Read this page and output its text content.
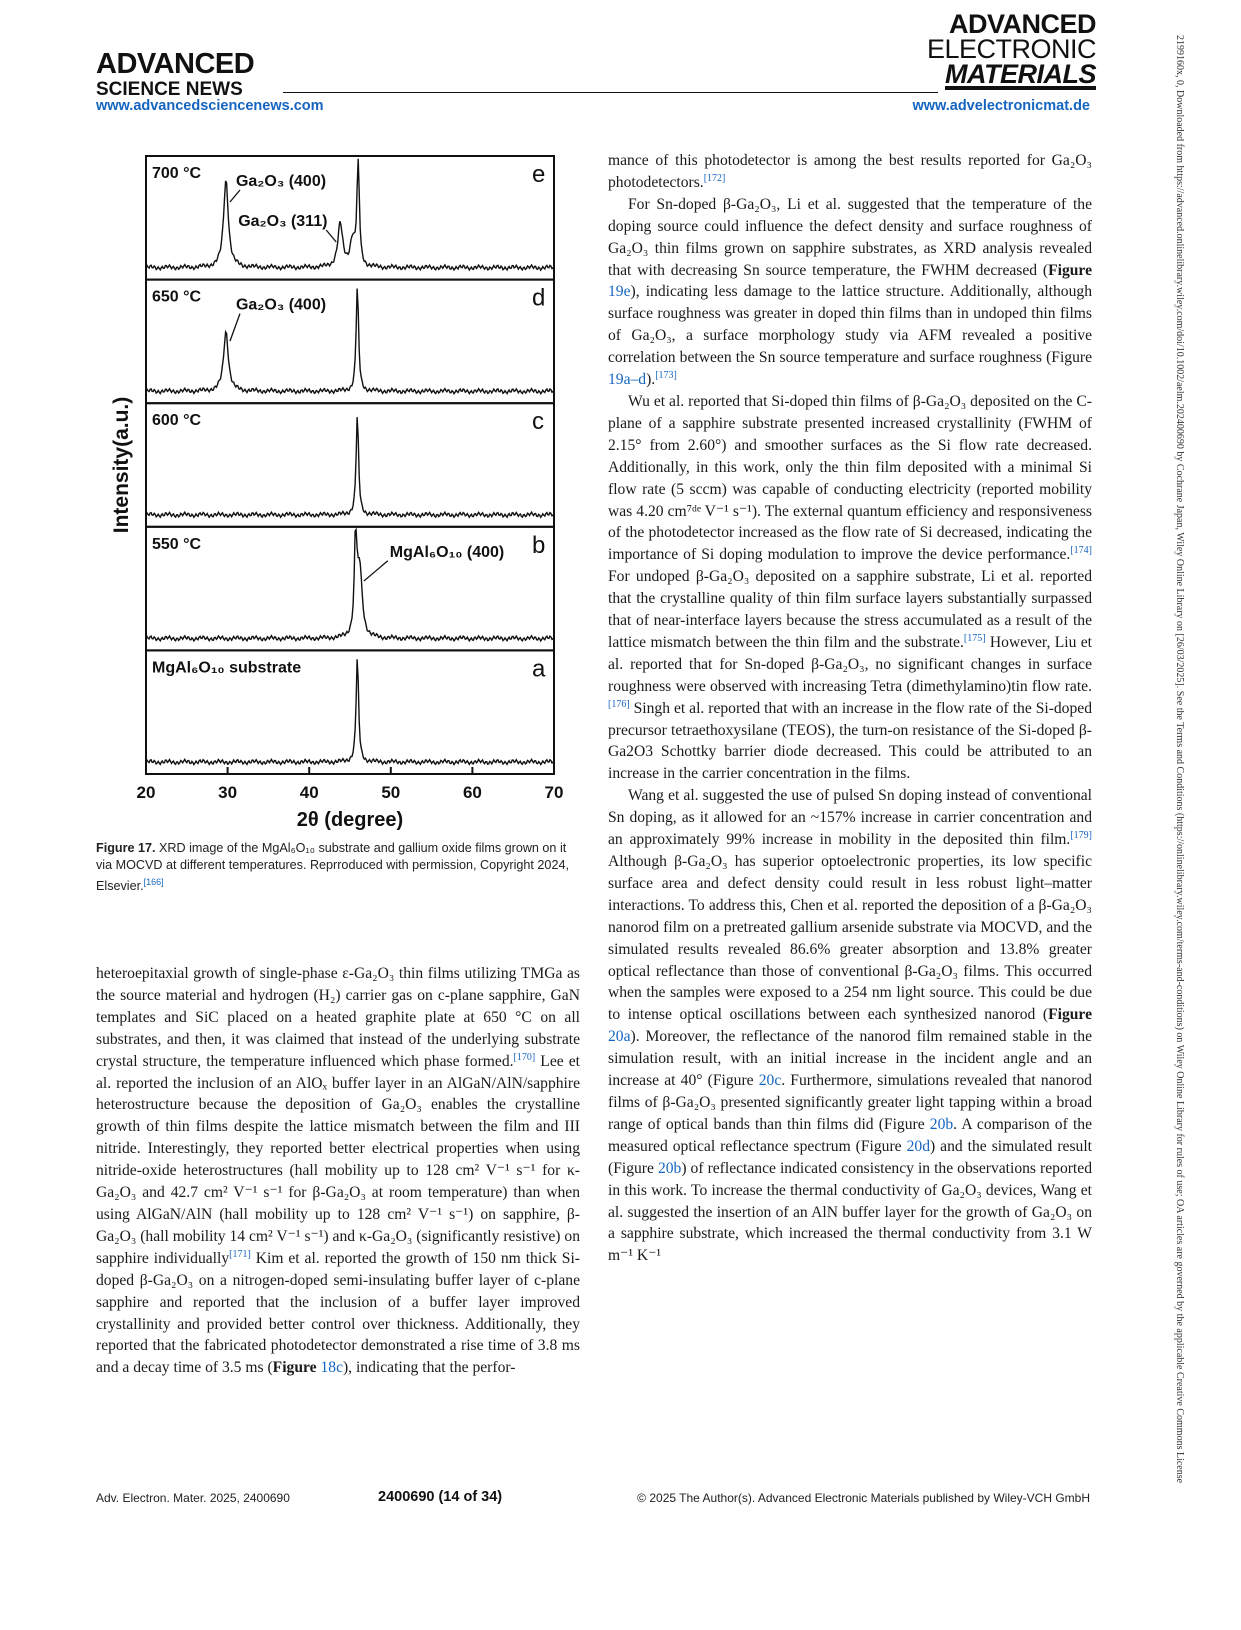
ADVANCED
SCIENCE NEWS
ADVANCED
ELECTRONIC
MATERIALS
www.advancedsciencenews.com	www.advelectronicmat.de	2199160x, 0, Downloaded from https://advanced.onlinelibrary.wiley.com/doi/10.1002/aelm.202400690 by Cochrane Japan, Wiley Online Library on [26/03/2025]. See the Terms and Conditions (https://onlinelibrary.wiley.com/terms-and-conditions) on Wiley Online Library for rules of use; OA articles are governed by the applicable Creative Commons License
700 °C	e
Ga₂O₃ (400)
Ga₂O₃ (311)
650 °C	d
Ga₂O₃ (400)
600 °C	c
550 °C	b
MgAl₆O₁₀ (400)
MgAl₆O₁₀ substrate	a
20	30	40	50	60	70
2θ (degree)
Intensity(a.u.)
Figure 17. XRD image of the MgAl₆O₁₀ substrate and gallium oxide films grown on it via MOCVD at different temperatures. Reprroduced with permission, Copyright 2024, Elsevier.[166]

heteroepitaxial growth of single-phase ε-Ga₂O₃ thin films utilizing TMGa as the source material and hydrogen (H₂) carrier gas on c-plane sapphire, GaN templates and SiC placed on a heated graphite plate at 650 °C on all substrates, and then, it was claimed that instead of the underlying substrate crystal structure, the temperature influenced which phase formed.[170] Lee et al. reported the inclusion of an AlOₓ buffer layer in an AlGaN/AlN/sapphire heterostructure because the deposition of Ga₂O₃ enables the crystalline growth of thin films despite the lattice mismatch between the film and III nitride. Interestingly, they reported better electrical properties when using nitride-oxide heterostructures (hall mobility up to 128 cm² V⁻¹ s⁻¹ for κ-Ga₂O₃ and 42.7 cm² V⁻¹ s⁻¹ for β-Ga₂O₃ at room temperature) than when using AlGaN/AlN (hall mobility up to 128 cm² V⁻¹ s⁻¹) on sapphire, β-Ga₂O₃ (hall mobility 14 cm² V⁻¹ s⁻¹) and κ-Ga₂O₃ (significantly resistive) on sapphire individually[171] Kim et al. reported the growth of 150 nm thick Si-doped β-Ga₂O₃ on a nitrogen-doped semi-insulating buffer layer of c-plane sapphire and reported that the inclusion of a buffer layer improved crystallinity and provided better control over thickness. Additionally, they reported that the fabricated photodetector demonstrated a rise time of 3.8 ms and a decay time of 3.5 ms (Figure 18c), indicating that the perfor-

mance of this photodetector is among the best results reported for Ga₂O₃ photodetectors.[172]

For Sn-doped β-Ga₂O₃, Li et al. suggested that the temperature of the doping source could influence the defect density and surface roughness of Ga₂O₃ thin films grown on sapphire substrates, as XRD analysis revealed that with decreasing Sn source temperature, the FWHM decreased (Figure 19e), indicating less damage to the lattice structure. Additionally, although surface roughness was greater in doped thin films than in undoped thin films of Ga₂O₃, a surface morphology study via AFM revealed a positive correlation between the Sn source temperature and surface roughness (Figure 19a–d).[173]

Wu et al. reported that Si-doped thin films of β-Ga₂O₃ deposited on the C-plane of a sapphire substrate presented increased crystallinity (FWHM of 2.15° from 2.60°) and smoother surfaces as the Si flow rate decreased. Additionally, in this work, only the thin film deposited with a minimal Si flow rate (5 sccm) was capable of conducting electricity (reported mobility was 4.20 cm⁷ᵈᵉ V⁻¹ s⁻¹). The external quantum efficiency and responsiveness of the photodetector increased as the flow rate of Si decreased, indicating the importance of Si doping modulation to improve the device performance.[174] For undoped β-Ga₂O₃ deposited on a sapphire substrate, Li et al. reported that the crystalline quality of thin film surface layers substantially surpassed that of near-interface layers because the stress accumulated as a result of the lattice mismatch between the thin film and the substrate.[175] However, Liu et al. reported that for Sn-doped β-Ga₂O₃, no significant changes in surface roughness were observed with increasing Tetra (dimethylamino)tin flow rate.[176] Singh et al. reported that with an increase in the flow rate of the Si-doped precursor tetraethoxysilane (TEOS), the turn-on resistance of the Si-doped β-Ga2O3 Schottky barrier diode decreased. This could be attributed to an increase in the carrier concentration in the films.

Wang et al. suggested the use of pulsed Sn doping instead of conventional Sn doping, as it allowed for an ~157% increase in carrier concentration and an approximately 99% increase in mobility in the deposited thin film.[179] Although β-Ga₂O₃ has superior optoelectronic properties, its low specific surface area and defect density could result in less robust light–matter interactions. To address this, Chen et al. reported the deposition of a β-Ga₂O₃ nanorod film on a pretreated gallium arsenide substrate via MOCVD, and the simulated results revealed 86.6% greater absorption and 13.8% greater optical reflectance than those of conventional β-Ga₂O₃ films. This occurred when the samples were exposed to a 254 nm light source. This could be due to intense optical oscillations between each synthesized nanorod (Figure 20a). Moreover, the reflectance of the nanorod film remained stable in the simulation result, with an initial increase in the incident angle and an increase at 40° (Figure 20c. Furthermore, simulations revealed that nanorod films of β-Ga₂O₃ presented significantly greater light tapping within a broad range of optical bands than thin films did (Figure 20b. A comparison of the measured optical reflectance spectrum (Figure 20d) and the simulated result (Figure 20b) of reflectance indicated consistency in the observations reported in this work. To increase the thermal conductivity of Ga₂O₃ devices, Wang et al. suggested the insertion of an AlN buffer layer for the growth of Ga₂O₃ on a sapphire substrate, which increased the thermal conductivity from 3.1 W m⁻¹ K⁻¹

Adv. Electron. Mater. 2025, 2400690	2400690 (14 of 34)	© 2025 The Author(s). Advanced Electronic Materials published by Wiley-VCH GmbH
